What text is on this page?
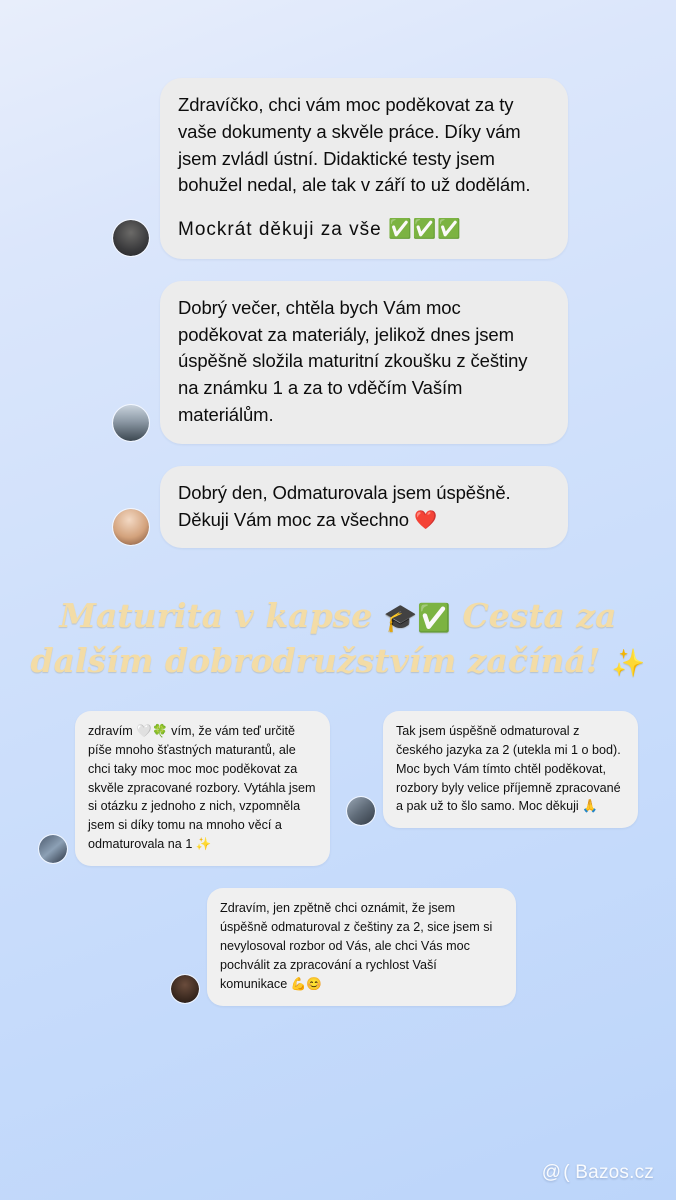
Zdravíčko, chci vám moc poděkovat za ty vaše dokumenty a skvěle práce. Díky vám jsem zvládl ústní. Didaktické testy jsem bohužel nedal, ale tak v září to už dodělám.

Mockrát děkuji za vše ✅✅✅

Dobrý večer, chtěla bych Vám moc poděkovat za materiály, jelikož dnes jsem úspěšně složila maturitní zkoušku z češtiny na známku 1 a za to vděčím Vaším materiálům.

Dobrý den, Odmaturovala jsem úspěšně. Děkuji Vám moc za všechno ❤️

Maturita v kapse 🎓✅ Cesta za
dalším dobrodružstvím začíná! ✨

zdravím 🤍🍀 vím, že vám teď určitě píše mnoho šťastných maturantů, ale chci taky moc moc moc poděkovat za skvěle zpracované rozbory. Vytáhla jsem si otázku z jednoho z nich, vzpomněla jsem si díky tomu na mnoho věcí a odmaturovala na 1 ✨

Tak jsem úspěšně odmaturoval z českého jazyka za 2 (utekla mi 1 o bod). Moc bych Vám tímto chtěl poděkovat, rozbory byly velice příjemně zpracované a pak už to šlo samo. Moc děkuji 🙏

Zdravím, jen zpětně chci oznámit, že jsem úspěšně odmaturoval z češtiny za 2, sice jsem si nevylosoval rozbor od Vás, ale chci Vás moc pochválit za zpracování a rychlost Vaší komunikace 💪😊

@ ( Bazos.cz
